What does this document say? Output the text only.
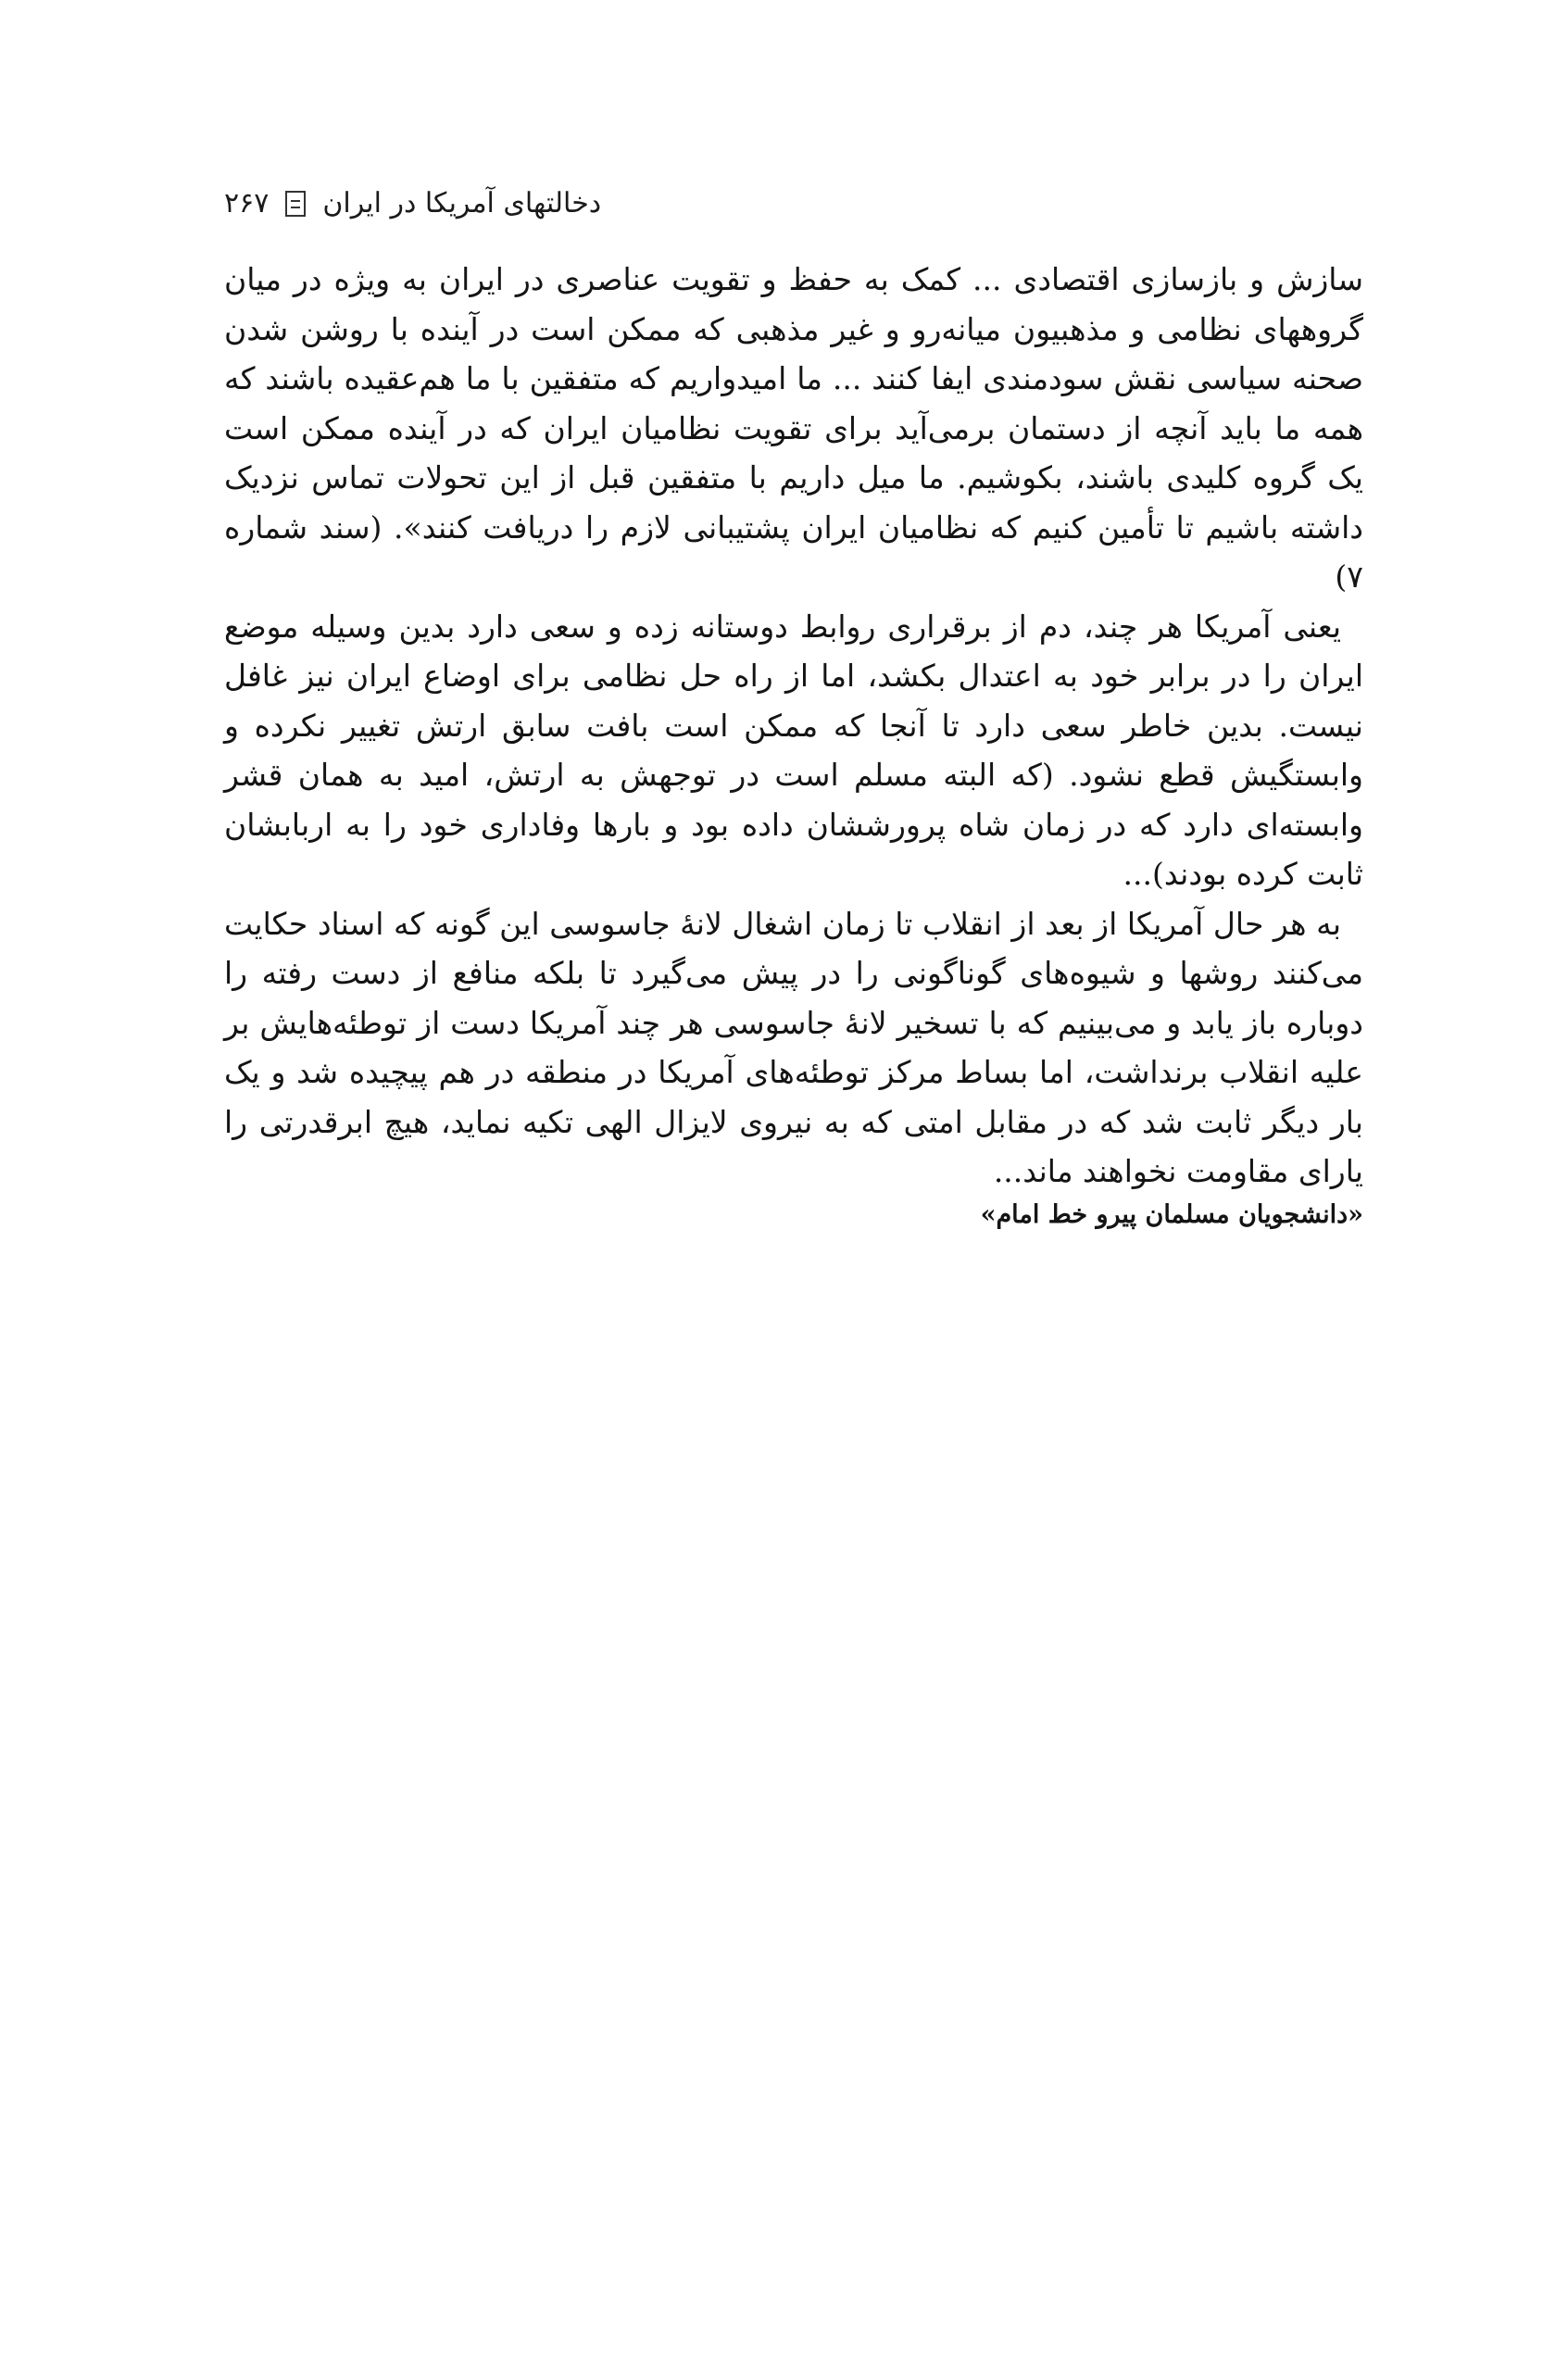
دخالتهای آمریکا در ایران
۲۶۷

سازش و بازسازی اقتصادی ... کمک به حفظ و تقویت عناصری در ایران به ویژه در میان گروههای نظامی و مذهبیون میانه‌رو و غیر مذهبی که ممکن است در آینده با روشن شدن صحنه سیاسی نقش سودمندی ایفا کنند ... ما امیدواریم که متفقین با ما هم‌عقیده باشند که همه ما باید آنچه از دستمان برمی‌آید برای تقویت نظامیان ایران که در آینده ممکن است یک گروه کلیدی باشند، بکوشیم. ما میل داریم با متفقین قبل از این تحولات تماس نزدیک داشته باشیم تا تأمین کنیم که نظامیان ایران پشتیبانی لازم را دریافت کنند». (سند شماره ۷)

یعنی آمریکا هر چند، دم از برقراری روابط دوستانه زده و سعی دارد بدین وسیله موضع ایران را در برابر خود به اعتدال بکشد، اما از راه حل نظامی برای اوضاع ایران نیز غافل نیست. بدین خاطر سعی دارد تا آنجا که ممکن است بافت سابق ارتش تغییر نکرده و وابستگیش قطع نشود. (که البته مسلم است در توجهش به ارتش، امید به همان قشر وابسته‌ای دارد که در زمان شاه پرورششان داده بود و بارها وفاداری خود را به اربابشان ثابت کرده بودند)...

به هر حال آمریکا از بعد از انقلاب تا زمان اشغال لانهٔ جاسوسی این گونه که اسناد حکایت می‌کنند روشها و شیوه‌های گوناگونی را در پیش می‌گیرد تا بلکه منافع از دست رفته را دوباره باز یابد و می‌بینیم که با تسخیر لانهٔ جاسوسی هر چند آمریکا دست از توطئه‌هایش بر علیه انقلاب برنداشت، اما بساط مرکز توطئه‌های آمریکا در منطقه در هم پیچیده شد و یک بار دیگر ثابت شد که در مقابل امتی که به نیروی لایزال الهی تکیه نماید، هیچ ابرقدرتی را یارای مقاومت نخواهند ماند...

«دانشجویان مسلمان پیرو خط امام»
